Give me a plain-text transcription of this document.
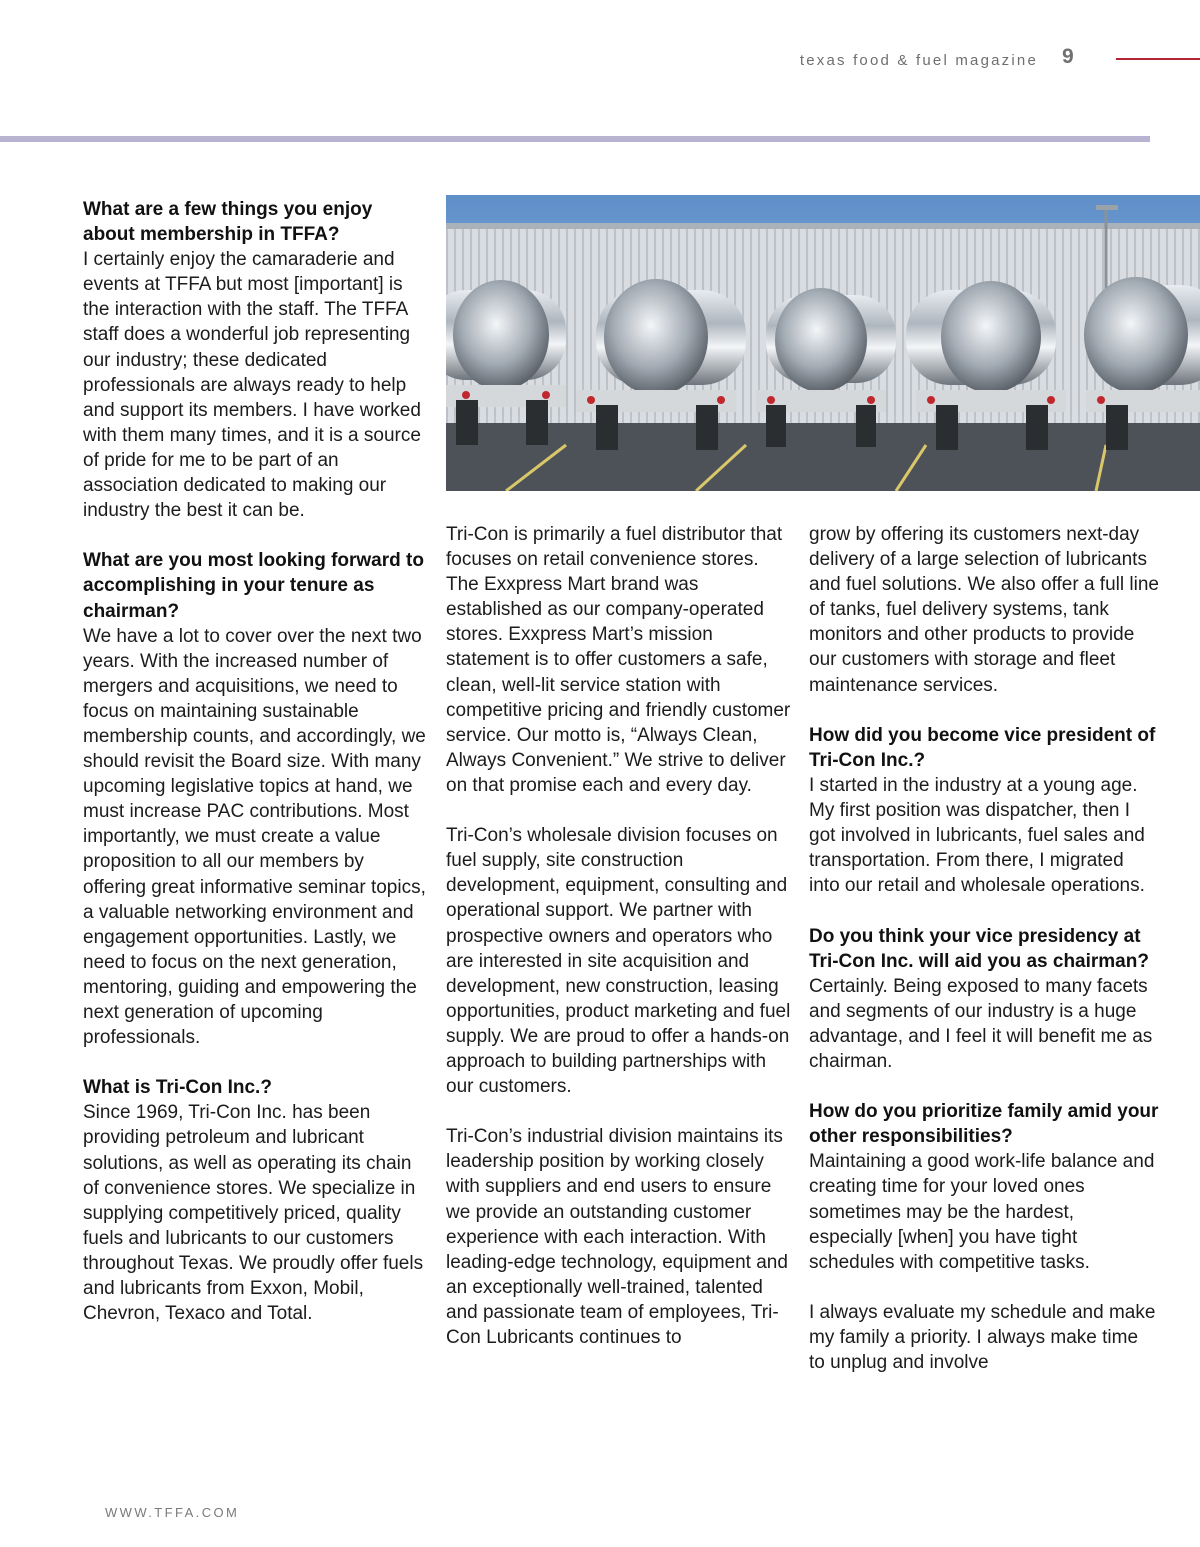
texas food & fuel magazine 9

What are a few things you enjoy about membership in TFFA?

I certainly enjoy the camaraderie and events at TFFA but most [important] is the interaction with the staff. The TFFA staff does a wonderful job representing our industry; these dedicated professionals are always ready to help and support its members. I have worked with them many times, and it is a source of pride for me to be part of an association dedicated to making our industry the best it can be.

What are you most looking forward to accomplishing in your tenure as chairman?

We have a lot to cover over the next two years. With the increased number of mergers and acquisitions, we need to focus on maintaining sustainable membership counts, and accordingly, we should revisit the Board size. With many upcoming legislative topics at hand, we must increase PAC contributions. Most importantly, we must create a value proposition to all our members by offering great informative seminar topics, a valuable networking environment and engagement opportunities. Lastly, we need to focus on the next generation, mentoring, guiding and empowering the next generation of upcoming professionals.

What is Tri-Con Inc.?

Since 1969, Tri-Con Inc. has been providing petroleum and lubricant solutions, as well as operating its chain of convenience stores. We specialize in supplying competitively priced, quality fuels and lubricants to our customers throughout Texas. We proudly offer fuels and lubricants from Exxon, Mobil, Chevron, Texaco and Total.

Tri-Con is primarily a fuel distributor that focuses on retail convenience stores. The Exxpress Mart brand was established as our company-operated stores. Exxpress Mart’s mission statement is to offer customers a safe, clean, well-lit service station with competitive pricing and friendly customer service. Our motto is, “Always Clean, Always Convenient.” We strive to deliver on that promise each and every day.

Tri-Con’s wholesale division focuses on fuel supply, site construction development, equipment, consulting and operational support. We partner with prospective owners and operators who are interested in site acquisition and development, new construction, leasing opportunities, product marketing and fuel supply. We are proud to offer a hands-on approach to building partnerships with our customers.

Tri-Con’s industrial division maintains its leadership position by working closely with suppliers and end users to ensure we provide an outstanding customer experience with each interaction. With leading-edge technology, equipment and an exceptionally well-trained, talented and passionate team of employees, Tri-Con Lubricants continues to

grow by offering its customers next-day delivery of a large selection of lubricants and fuel solutions. We also offer a full line of tanks, fuel delivery systems, tank monitors and other products to provide our customers with storage and fleet maintenance services.

How did you become vice president of Tri-Con Inc.?

I started in the industry at a young age. My first position was dispatcher, then I got involved in lubricants, fuel sales and transportation. From there, I migrated into our retail and wholesale operations.

Do you think your vice presidency at Tri-Con Inc. will aid you as chairman?

Certainly. Being exposed to many facets and segments of our industry is a huge advantage, and I feel it will benefit me as chairman.

How do you prioritize family amid your other responsibilities?

Maintaining a good work-life balance and creating time for your loved ones sometimes may be the hardest, especially [when] you have tight schedules with competitive tasks.

I always evaluate my schedule and make my family a priority. I always make time to unplug and involve

WWW.TFFA.COM
